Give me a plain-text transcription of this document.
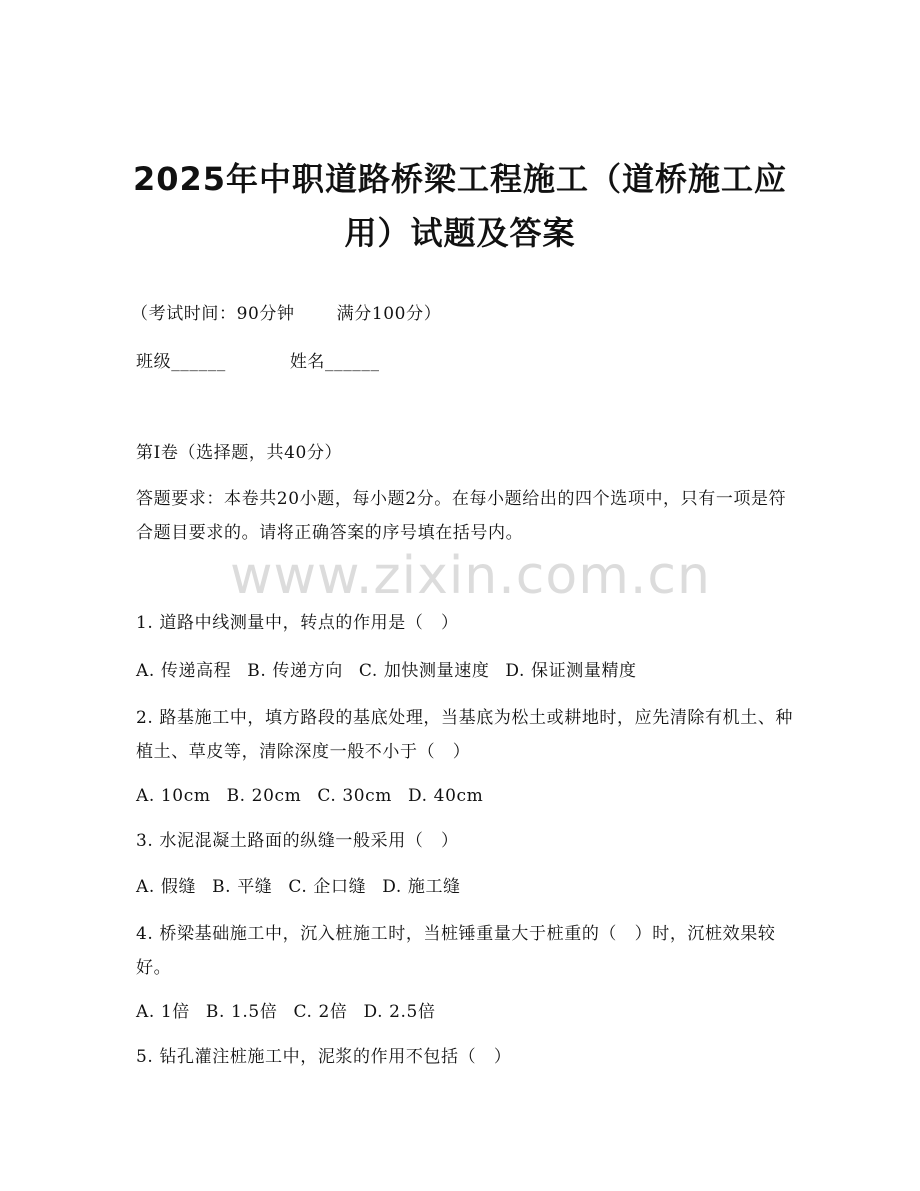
2025年中职道路桥梁工程施工（道桥施工应
用）试题及答案
（考试时间：90分钟 满分100分）
班级______	姓名______
第Ⅰ卷（选择题，共40分）
答题要求：本卷共20小题，每小题2分。在每小题给出的四个选项中，只有一项是符合题目要求的。请将正确答案的序号填在括号内。
1. 道路中线测量中，转点的作用是（　）
A. 传递高程 B. 传递方向 C. 加快测量速度 D. 保证测量精度
2. 路基施工中，填方路段的基底处理，当基底为松土或耕地时，应先清除有机土、种植土、草皮等，清除深度一般不小于（　）
A. 10cm B. 20cm C. 30cm D. 40cm
3. 水泥混凝土路面的纵缝一般采用（　）
A. 假缝 B. 平缝 C. 企口缝 D. 施工缝
4. 桥梁基础施工中，沉入桩施工时，当桩锤重量大于桩重的（　）时，沉桩效果较好。
A. 1倍 B. 1.5倍 C. 2倍 D. 2.5倍
5. 钻孔灌注桩施工中，泥浆的作用不包括（　）
www.zixin.com.cn
